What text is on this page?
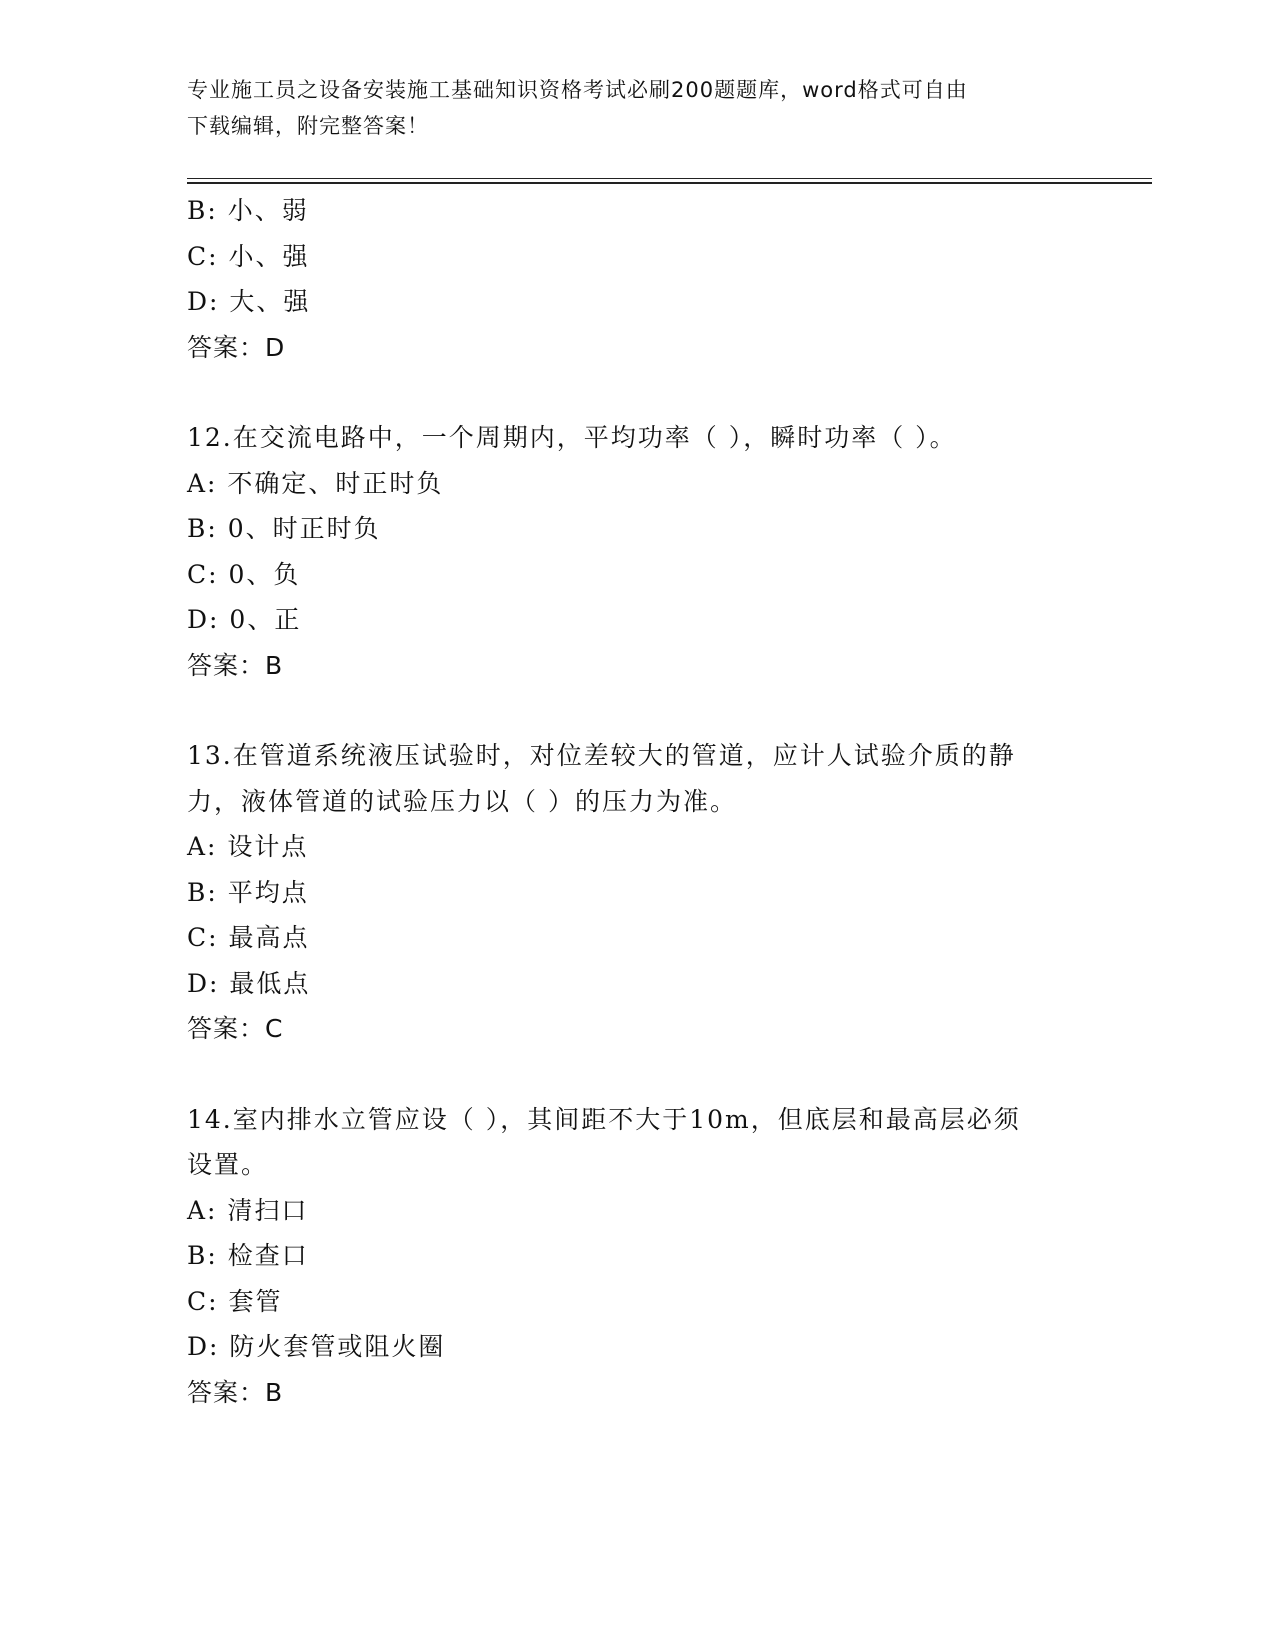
专业施工员之设备安装施工基础知识资格考试必刷200题题库，word格式可自由
下载编辑，附完整答案！

B: 小、弱

C: 小、强

D: 大、强

答案：D

12.在交流电路中，一个周期内，平均功率（ ），瞬时功率（ ）。

A: 不确定、时正时负

B: 0、时正时负

C: 0、负

D: 0、正

答案：B

13.在管道系统液压试验时，对位差较大的管道，应计人试验介质的静

力，液体管道的试验压力以（ ）的压力为准。

A: 设计点

B: 平均点

C: 最高点

D: 最低点

答案：C

14.室内排水立管应设（ ），其间距不大于10m，但底层和最高层必须

设置。

A: 清扫口

B: 检查口

C: 套管

D: 防火套管或阻火圈

答案：B
